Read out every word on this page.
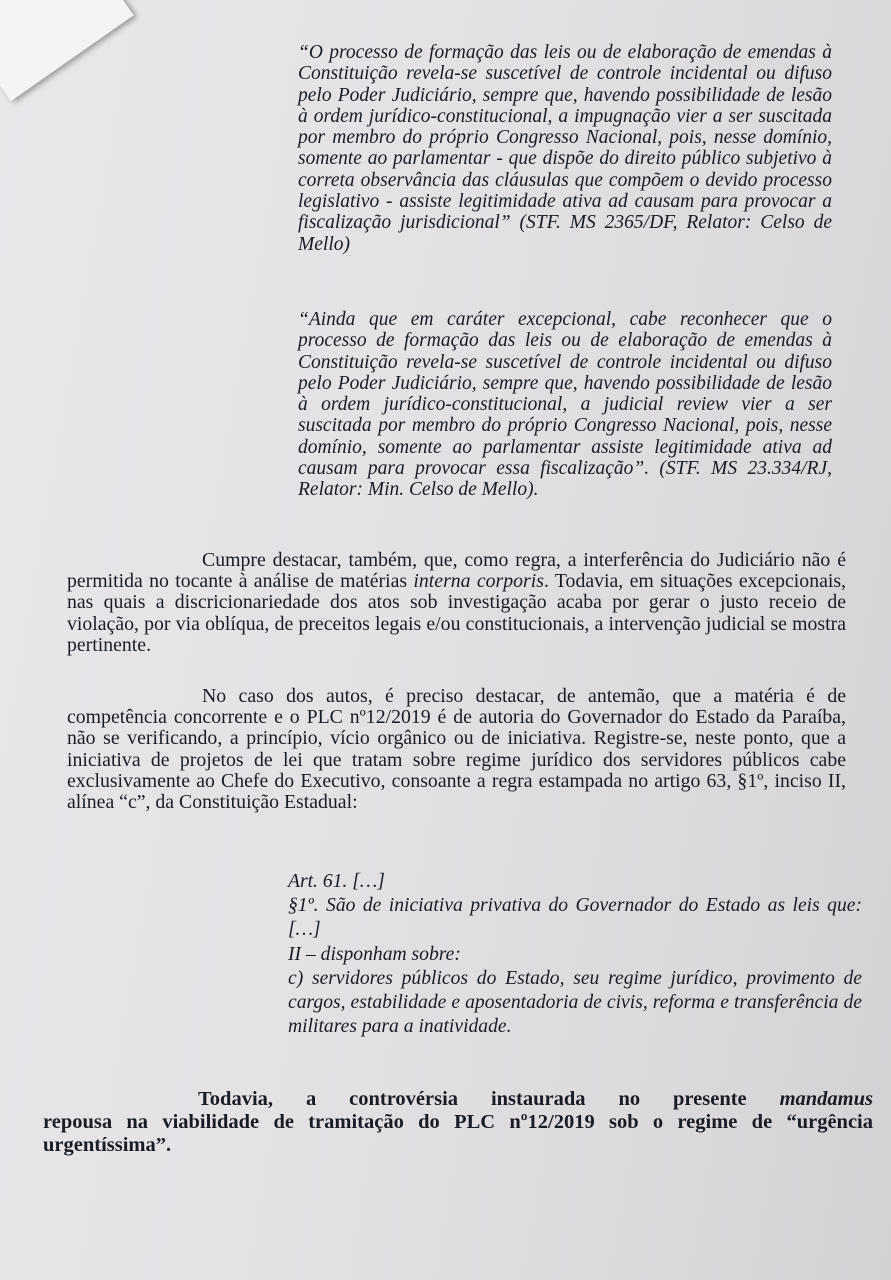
“O processo de formação das leis ou de elaboração de emendas à Constituição revela-se suscetível de controle incidental ou difuso pelo Poder Judiciário, sempre que, havendo possibilidade de lesão à ordem jurídico-constitucional, a impugnação vier a ser suscitada por membro do próprio Congresso Nacional, pois, nesse domínio, somente ao parlamentar - que dispõe do direito público subjetivo à correta observância das cláusulas que compõem o devido processo legislativo - assiste legitimidade ativa ad causam para provocar a fiscalização jurisdicional” (STF. MS 2365/DF, Relator: Celso de Mello)
“Ainda que em caráter excepcional, cabe reconhecer que o processo de formação das leis ou de elaboração de emendas à Constituição revela-se suscetível de controle incidental ou difuso pelo Poder Judiciário, sempre que, havendo possibilidade de lesão à ordem jurídico-constitucional, a judicial review vier a ser suscitada por membro do próprio Congresso Nacional, pois, nesse domínio, somente ao parlamentar assiste legitimidade ativa ad causam para provocar essa fiscalização”. (STF. MS 23.334/RJ, Relator: Min. Celso de Mello).
Cumpre destacar, também, que, como regra, a interferência do Judiciário não é permitida no tocante à análise de matérias interna corporis. Todavia, em situações excepcionais, nas quais a discricionariedade dos atos sob investigação acaba por gerar o justo receio de violação, por via oblíqua, de preceitos legais e/ou constitucionais, a intervenção judicial se mostra pertinente.
No caso dos autos, é preciso destacar, de antemão, que a matéria é de competência concorrente e o PLC nº12/2019 é de autoria do Governador do Estado da Paraíba, não se verificando, a princípio, vício orgânico ou de iniciativa. Registre-se, neste ponto, que a iniciativa de projetos de lei que tratam sobre regime jurídico dos servidores públicos cabe exclusivamente ao Chefe do Executivo, consoante a regra estampada no artigo 63, §1º, inciso II, alínea “c”, da Constituição Estadual:
Art. 61. […]
§1º. São de iniciativa privativa do Governador do Estado as leis que: […]
II – disponham sobre:
c) servidores públicos do Estado, seu regime jurídico, provimento de cargos, estabilidade e aposentadoria de civis, reforma e transferência de militares para a inatividade.
Todavia, a controvérsia instaurada no presente mandamus
repousa na viabilidade de tramitação do PLC nº12/2019 sob o regime de “urgência urgentíssima”.
